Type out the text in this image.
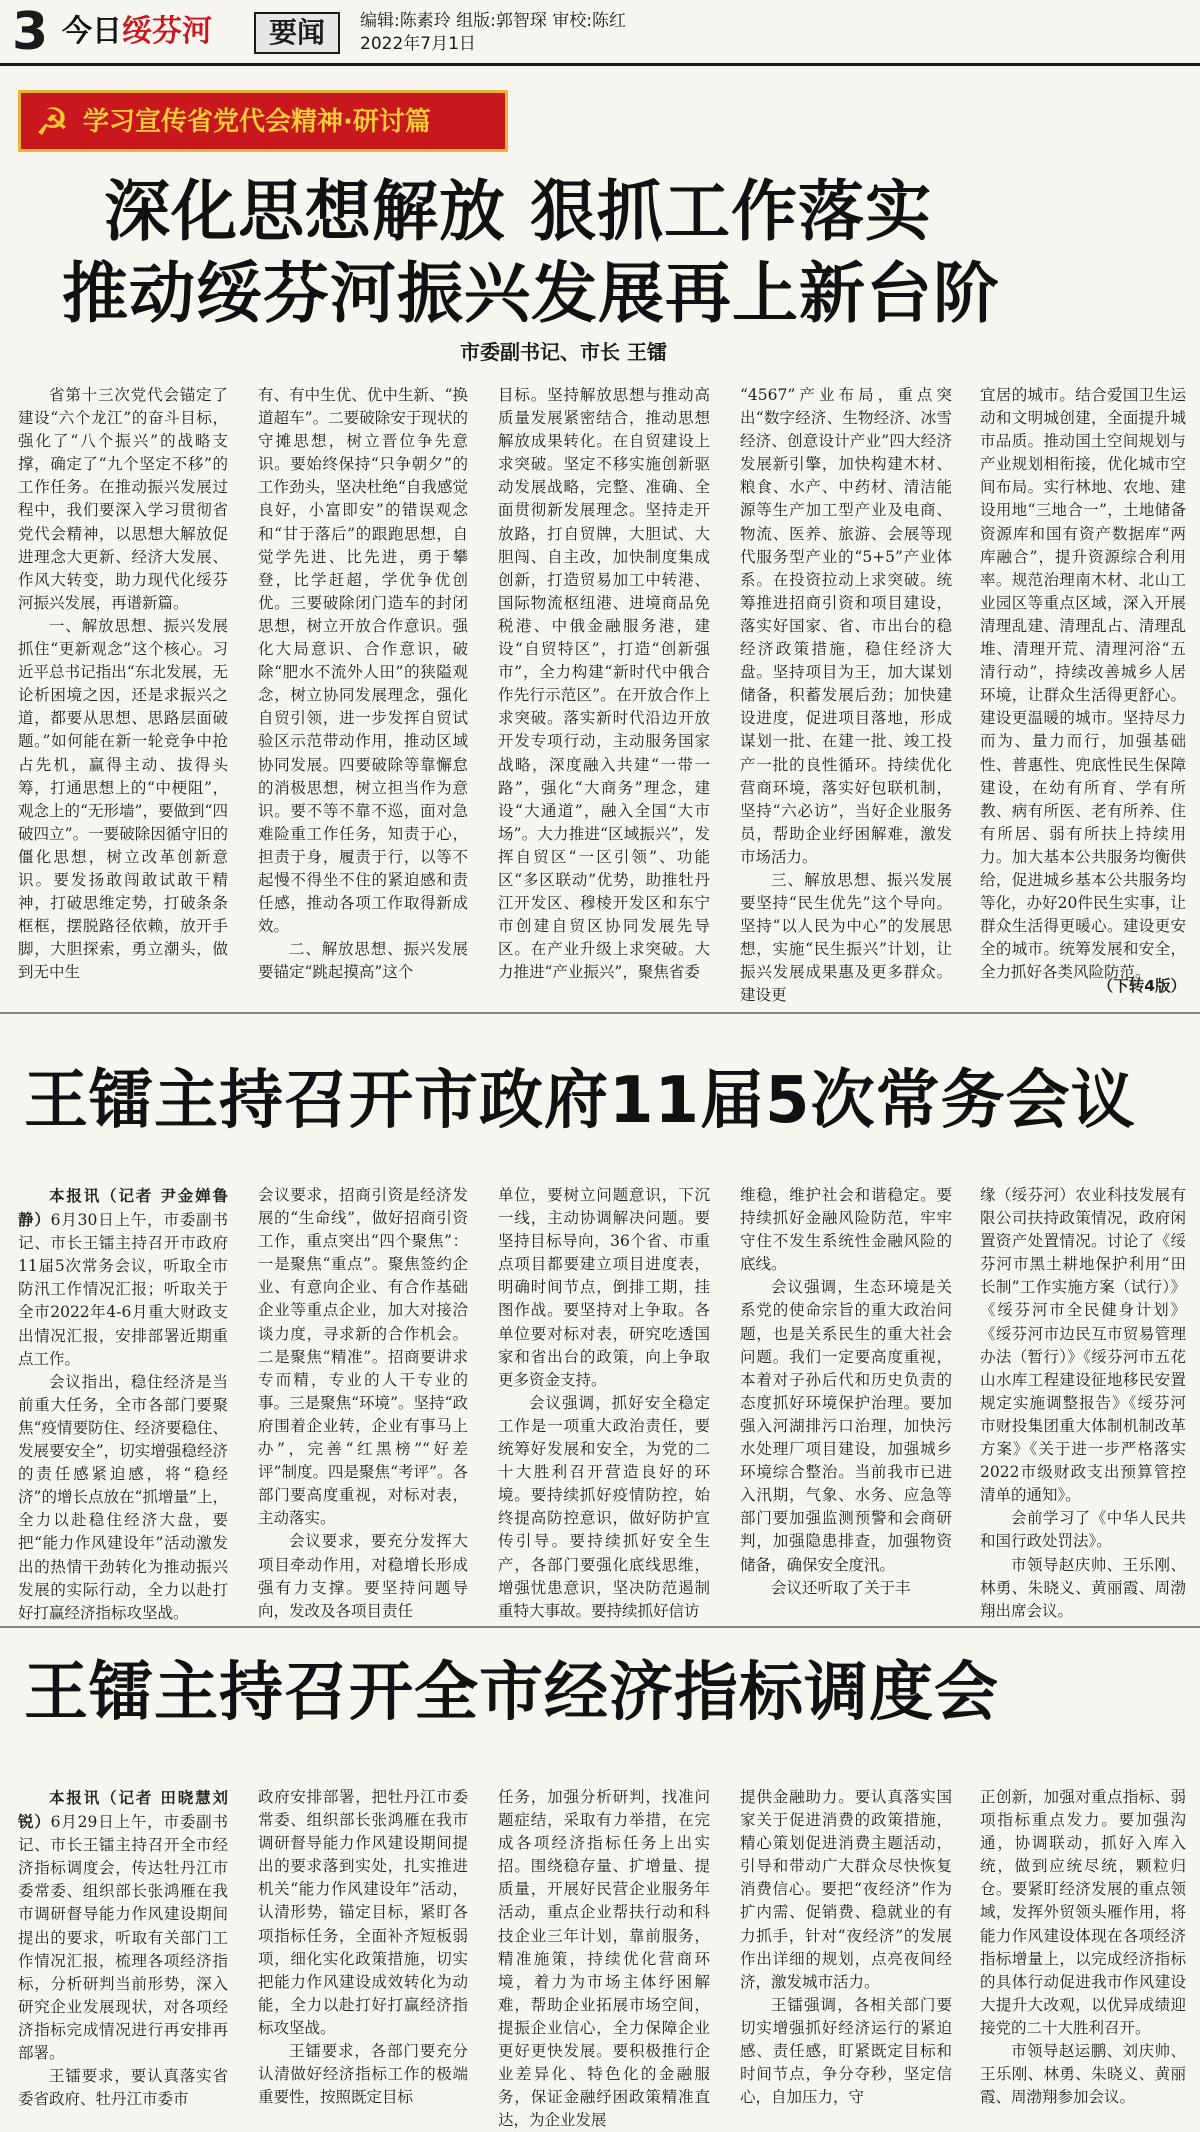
3 今日绥芬河	要闻	编辑:陈素玲 组版:郭智琛 审校:陈红
2022年7月1日
☭ 学习宣传省党代会精神·研讨篇
深化思想解放 狠抓工作落实
推动绥芬河振兴发展再上新台阶
市委副书记、市长 王镭

省第十三次党代会锚定了建设“六个龙江”的奋斗目标，强化了“八个振兴”的战略支撑，确定了“九个坚定不移”的工作任务。在推动振兴发展过程中，我们要深入学习贯彻省党代会精神，以思想大解放促进理念大更新、经济大发展、作风大转变，助力现代化绥芬河振兴发展，再谱新篇。

一、解放思想、振兴发展抓住“更新观念”这个核心。习近平总书记指出“东北发展，无论析困境之因，还是求振兴之道，都要从思想、思路层面破题。”如何能在新一轮竞争中抢占先机，赢得主动、拔得头筹，打通思想上的“中梗阻”，观念上的“无形墙”，要做到“四破四立”。一要破除因循守旧的僵化思想，树立改革创新意识。要发扬敢闯敢试敢干精神，打破思维定势，打破条条框框，摆脱路径依赖，放开手脚，大胆探索，勇立潮头，做到无中生

有、有中生优、优中生新、“换道超车”。二要破除安于现状的守摊思想，树立晋位争先意识。要始终保持“只争朝夕”的工作劲头，坚决杜绝“自我感觉良好，小富即安”的错误观念和“甘于落后”的跟跑思想，自觉学先进、比先进，勇于攀登，比学赶超，学优争优创优。三要破除闭门造车的封闭思想，树立开放合作意识。强化大局意识、合作意识，破除“肥水不流外人田”的狭隘观念，树立协同发展理念，强化自贸引领，进一步发挥自贸试验区示范带动作用，推动区域协同发展。四要破除等靠懈怠的消极思想，树立担当作为意识。要不等不靠不巡，面对急难险重工作任务，知责于心，担责于身，履责于行，以等不起慢不得坐不住的紧迫感和责任感，推动各项工作取得新成效。

二、解放思想、振兴发展要锚定“跳起摸高”这个

目标。坚持解放思想与推动高质量发展紧密结合，推动思想解放成果转化。在自贸建设上求突破。坚定不移实施创新驱动发展战略，完整、准确、全面贯彻新发展理念。坚持走开放路，打自贸牌，大胆试、大胆闯、自主改，加快制度集成创新，打造贸易加工中转港、国际物流枢纽港、进境商品免税港、中俄金融服务港，建设“自贸特区”，打造“创新强市”，全力构建“新时代中俄合作先行示范区”。在开放合作上求突破。落实新时代沿边开放开发专项行动，主动服务国家战略，深度融入共建“一带一路”，强化“大商务”理念，建设“大通道”，融入全国“大市场”。大力推进“区域振兴”，发挥自贸区“一区引领”、功能区“多区联动”优势，助推牡丹江开发区、穆棱开发区和东宁市创建自贸区协同发展先导区。在产业升级上求突破。大力推进“产业振兴”，聚焦省委

“4567”产业布局，重点突出“数字经济、生物经济、冰雪经济、创意设计产业”四大经济发展新引擎，加快构建木材、粮食、水产、中药材、清洁能源等生产加工型产业及电商、物流、医养、旅游、会展等现代服务型产业的“5+5”产业体系。在投资拉动上求突破。统筹推进招商引资和项目建设，落实好国家、省、市出台的稳经济政策措施，稳住经济大盘。坚持项目为王，加大谋划储备，积蓄发展后劲；加快建设进度，促进项目落地，形成谋划一批、在建一批、竣工投产一批的良性循环。持续优化营商环境，落实好包联机制，坚持“六必访”，当好企业服务员，帮助企业纾困解难，激发市场活力。

三、解放思想、振兴发展要坚持“民生优先”这个导向。坚持“以人民为中心”的发展思想，实施“民生振兴”计划，让振兴发展成果惠及更多群众。建设更

宜居的城市。结合爱国卫生运动和文明城创建，全面提升城市品质。推动国土空间规划与产业规划相衔接，优化城市空间布局。实行林地、农地、建设用地“三地合一”，土地储备资源库和国有资产数据库“两库融合”，提升资源综合利用率。规范治理南木材、北山工业园区等重点区域，深入开展清理乱建、清理乱占、清理乱堆、清理开荒、清理河浴“五清行动”，持续改善城乡人居环境，让群众生活得更舒心。建设更温暖的城市。坚持尽力而为、量力而行，加强基础性、普惠性、兜底性民生保障建设，在幼有所育、学有所教、病有所医、老有所养、住有所居、弱有所扶上持续用力。加大基本公共服务均衡供给，促进城乡基本公共服务均等化，办好20件民生实事，让群众生活得更暖心。建设更安全的城市。统筹发展和安全，全力抓好各类风险防范。

（下转4版）
王镭主持召开市政府11届5次常务会议

本报讯（记者 尹金婵鲁静）6月30日上午，市委副书记、市长王镭主持召开市政府11届5次常务会议，听取全市防汛工作情况汇报；听取关于全市2022年4-6月重大财政支出情况汇报，安排部署近期重点工作。

会议指出，稳住经济是当前重大任务，全市各部门要聚焦“疫情要防住、经济要稳住、发展要安全”，切实增强稳经济的责任感紧迫感，将“稳经济”的增长点放在“抓增量”上，全力以赴稳住经济大盘，要把“能力作风建设年”活动激发出的热情干劲转化为推动振兴发展的实际行动，全力以赴打好打赢经济指标攻坚战。

会议要求，招商引资是经济发展的“生命线”，做好招商引资工作，重点突出“四个聚焦”：一是聚焦“重点”。聚焦签约企业、有意向企业、有合作基础企业等重点企业，加大对接洽谈力度，寻求新的合作机会。二是聚焦“精准”。招商要讲求专而精，专业的人干专业的事。三是聚焦“环境”。坚持“政府围着企业转，企业有事马上办”，完善“红黑榜”“好差评”制度。四是聚焦“考评”。各部门要高度重视，对标对表，主动落实。

会议要求，要充分发挥大项目牵动作用，对稳增长形成强有力支撑。要坚持问题导向，发改及各项目责任

单位，要树立问题意识，下沉一线，主动协调解决问题。要坚持目标导向，36个省、市重点项目都要建立项目进度表，明确时间节点，倒排工期，挂图作战。要坚持对上争取。各单位要对标对表，研究吃透国家和省出台的政策，向上争取更多资金支持。

会议强调，抓好安全稳定工作是一项重大政治责任，要统筹好发展和安全，为党的二十大胜利召开营造良好的环境。要持续抓好疫情防控，始终提高防控意识，做好防护宣传引导。要持续抓好安全生产，各部门要强化底线思维，增强忧患意识，坚决防范遏制重特大事故。要持续抓好信访

维稳，维护社会和谐稳定。要持续抓好金融风险防范，牢牢守住不发生系统性金融风险的底线。

会议强调，生态环境是关系党的使命宗旨的重大政治问题，也是关系民生的重大社会问题。我们一定要高度重视，本着对子孙后代和历史负责的态度抓好环境保护治理。要加强入河湖排污口治理，加快污水处理厂项目建设，加强城乡环境综合整治。当前我市已进入汛期，气象、水务、应急等部门要加强监测预警和会商研判，加强隐患排查，加强物资储备，确保安全度汛。

会议还听取了关于丰

缘（绥芬河）农业科技发展有限公司扶持政策情况，政府闲置资产处置情况。讨论了《绥芬河市黑土耕地保护利用“田长制”工作实施方案（试行）》《绥芬河市全民健身计划》《绥芬河市边民互市贸易管理办法（暂行）》《绥芬河市五花山水库工程建设征地移民安置规定实施调整报告》《绥芬河市财投集团重大体制机制改革方案》《关于进一步严格落实2022市级财政支出预算管控清单的通知》。

会前学习了《中华人民共和国行政处罚法》。

市领导赵庆帅、王乐刚、林勇、朱晓义、黄丽霞、周渤翔出席会议。

王镭主持召开全市经济指标调度会

本报讯（记者 田晓慧刘锐）6月29日上午，市委副书记、市长王镭主持召开全市经济指标调度会，传达牡丹江市委常委、组织部长张鸿雁在我市调研督导能力作风建设期间提出的要求，听取有关部门工作情况汇报，梳理各项经济指标，分析研判当前形势，深入研究企业发展现状，对各项经济指标完成情况进行再安排再部署。

王镭要求，要认真落实省委省政府、牡丹江市委市

政府安排部署，把牡丹江市委常委、组织部长张鸿雁在我市调研督导能力作风建设期间提出的要求落到实处，扎实推进机关“能力作风建设年”活动，认清形势，锚定目标，紧盯各项指标任务，全面补齐短板弱项，细化实化政策措施，切实把能力作风建设成效转化为动能，全力以赴打好打赢经济指标攻坚战。

王镭要求，各部门要充分认清做好经济指标工作的极端重要性，按照既定目标

任务，加强分析研判，找准问题症结，采取有力举措，在完成各项经济指标任务上出实招。围绕稳存量、扩增量、提质量，开展好民营企业服务年活动，重点企业帮扶行动和科技企业三年计划，靠前服务，精准施策，持续优化营商环境，着力为市场主体纾困解难，帮助企业拓展市场空间，提振企业信心，全力保障企业更好更快发展。要积极推行企业差异化、特色化的金融服务，保证金融纾困政策精准直达，为企业发展

提供金融助力。要认真落实国家关于促进消费的政策措施，精心策划促进消费主题活动，引导和带动广大群众尽快恢复消费信心。要把“夜经济”作为扩内需、促销费、稳就业的有力抓手，针对“夜经济”的发展作出详细的规划，点亮夜间经济，激发城市活力。

王镭强调，各相关部门要切实增强抓好经济运行的紧迫感、责任感，盯紧既定目标和时间节点，争分夺秒，坚定信心，自加压力，守

正创新，加强对重点指标、弱项指标重点发力。要加强沟通，协调联动，抓好入库入统，做到应统尽统，颗粒归仓。要紧盯经济发展的重点领域，发挥外贸领头雁作用，将能力作风建设体现在各项经济指标增量上，以完成经济指标的具体行动促进我市作风建设大提升大改观，以优异成绩迎接党的二十大胜利召开。

市领导赵运鹏、刘庆帅、王乐刚、林勇、朱晓义、黄丽霞、周渤翔参加会议。
